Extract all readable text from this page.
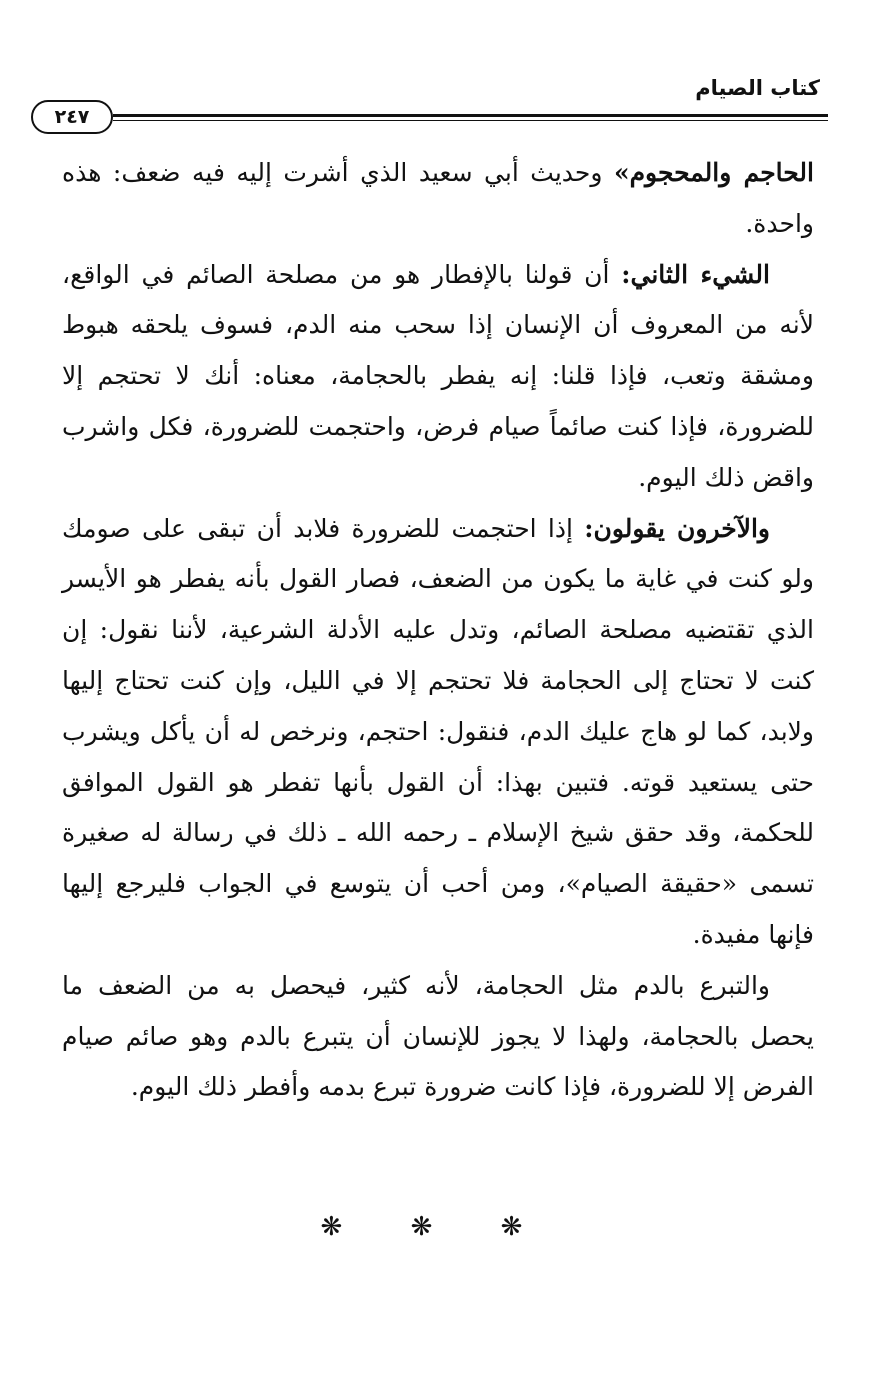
كتاب الصيام
٢٤٧

الحاجم والمحجوم» وحديث أبي سعيد الذي أشرت إليه فيه ضعف: هذه واحدة.

الشيء الثاني: أن قولنا بالإفطار هو من مصلحة الصائم في الواقع، لأنه من المعروف أن الإنسان إذا سحب منه الدم، فسوف يلحقه هبوط ومشقة وتعب، فإذا قلنا: إنه يفطر بالحجامة، معناه: أنك لا تحتجم إلا للضرورة، فإذا كنت صائماً صيام فرض، واحتجمت للضرورة، فكل واشرب واقض ذلك اليوم.

والآخرون يقولون: إذا احتجمت للضرورة فلابد أن تبقى على صومك ولو كنت في غاية ما يكون من الضعف، فصار القول بأنه يفطر هو الأيسر الذي تقتضيه مصلحة الصائم، وتدل عليه الأدلة الشرعية، لأننا نقول: إن كنت لا تحتاج إلى الحجامة فلا تحتجم إلا في الليل، وإن كنت تحتاج إليها ولابد، كما لو هاج عليك الدم، فنقول: احتجم، ونرخص له أن يأكل ويشرب حتى يستعيد قوته. فتبين بهذا: أن القول بأنها تفطر هو القول الموافق للحكمة، وقد حقق شيخ الإسلام ـ رحمه الله ـ ذلك في رسالة له صغيرة تسمى «حقيقة الصيام»، ومن أحب أن يتوسع في الجواب فليرجع إليها فإنها مفيدة.

والتبرع بالدم مثل الحجامة، لأنه كثير، فيحصل به من الضعف ما يحصل بالحجامة، ولهذا لا يجوز للإنسان أن يتبرع بالدم وهو صائم صيام الفرض إلا للضرورة، فإذا كانت ضرورة تبرع بدمه وأفطر ذلك اليوم.

❋ ❋ ❋
